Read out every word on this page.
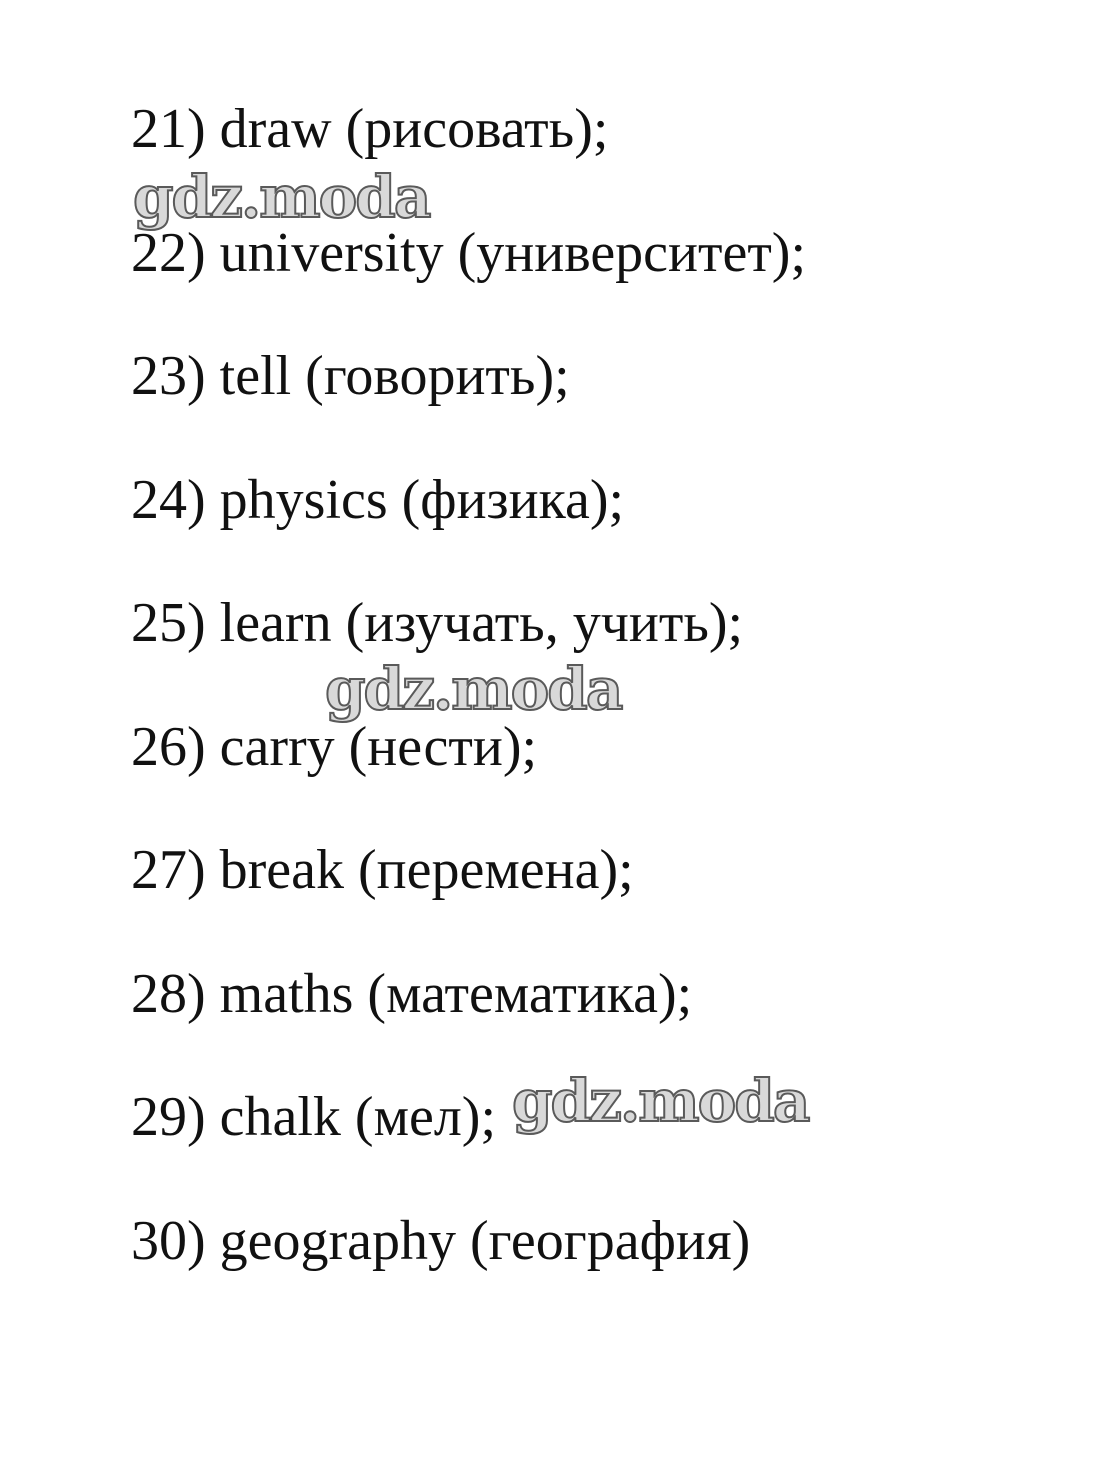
21) draw (рисовать);
22) university (университет);
23) tell (говорить);
24) physics (физика);
25) learn (изучать, учить);
26) carry (нести);
27) break (перемена);
28) maths (математика);
29) chalk (мел);
30) geography (география)
gdz.moda
gdz.moda
gdz.moda
